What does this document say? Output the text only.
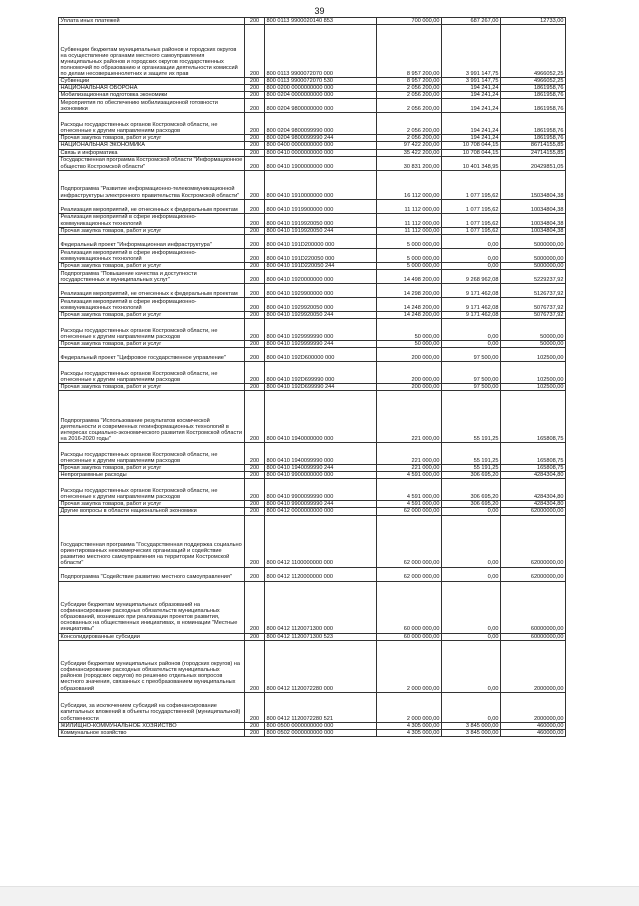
39
Уплата иных платежей	200	800 0113 9900020140 853	700 000,00	687 267,00	12733,00
Субвенции бюджетам муниципальных районов и городских округов на осуществление органами местного самоуправления муниципальных районов и городских округов государственных полномочий по образованию и организации деятельности комиссий по делам несовершеннолетних и защите их прав	200	800 0113 9900072070 000	8 957 200,00	3 991 147,75	4966052,25
Субвенции	200	800 0113 9900072070 530	8 957 200,00	3 991 147,75	4966052,25
НАЦИОНАЛЬНАЯ ОБОРОНА	200	800 0200 0000000000 000	2 056 200,00	194 241,24	1861958,76
Мобилизационная подготовка экономики	200	800 0204 0000000000 000	2 056 200,00	194 241,24	1861958,76
Мероприятия по обеспечению мобилизационной готовности экономики	200	800 0204 9800000000 000	2 056 200,00	194 241,24	1861958,76
Расходы государственных органов Костромской области, не отнесенные к другим направлениям расходов	200	800 0204 9800099990 000	2 056 200,00	194 241,24	1861958,76
Прочая закупка товаров, работ и услуг	200	800 0204 9800099990 244	2 056 200,00	194 241,24	1861958,76
НАЦИОНАЛЬНАЯ ЭКОНОМИКА	200	800 0400 0000000000 000	97 422 200,00	10 708 044,15	86714155,85
Связь и информатика	200	800 0410 0000000000 000	35 422 200,00	10 708 044,15	24714155,85
Государственная программа Костромской области "Информационное общество Костромской области"	200	800 0410 1900000000 000	30 831 200,00	10 401 348,95	20429851,05
Подпрограмма "Развитие информационно-телекоммуникационной инфраструктуры электронного правительства Костромской области"	200	800 0410 1910000000 000	16 112 000,00	1 077 195,62	15034804,38
Реализация мероприятий, не отнесенных к федеральным проектам	200	800 0410 1919900000 000	11 112 000,00	1 077 195,62	10034804,38
Реализация мероприятий в сфере информационно-коммуникационных технологий	200	800 0410 1919920050 000	11 112 000,00	1 077 195,62	10034804,38
Прочая закупка товаров, работ и услуг	200	800 0410 1919920050 244	11 112 000,00	1 077 195,62	10034804,38
Федеральный проект "Информационная инфраструктура"	200	800 0410 191D200000 000	5 000 000,00	0,00	5000000,00
Реализация мероприятий в сфере информационно-коммуникационных технологий	200	800 0410 191D220050 000	5 000 000,00	0,00	5000000,00
Прочая закупка товаров, работ и услуг	200	800 0410 191D220050 244	5 000 000,00	0,00	5000000,00
Подпрограмма "Повышение качества и доступности государственных и муниципальных услуг"	200	800 0410 1920000000 000	14 498 200,00	9 268 962,08	5229237,92
Реализация мероприятий, не отнесенных к федеральным проектам	200	800 0410 1929900000 000	14 298 200,00	9 171 462,08	5126737,92
Реализация мероприятий в сфере информационно-коммуникационных технологий	200	800 0410 1929920050 000	14 248 200,00	9 171 462,08	5076737,92
Прочая закупка товаров, работ и услуг	200	800 0410 1929920050 244	14 248 200,00	9 171 462,08	5076737,92
Расходы государственных органов Костромской области, не отнесенные к другим направлениям расходов	200	800 0410 1929999990 000	50 000,00	0,00	50000,00
Прочая закупка товаров, работ и услуг	200	800 0410 1929999990 244	50 000,00	0,00	50000,00
Федеральный проект "Цифровое государственное управление"	200	800 0410 192D600000 000	200 000,00	97 500,00	102500,00
Расходы государственных органов Костромской области, не отнесенные к другим направлениям расходов	200	800 0410 192D699990 000	200 000,00	97 500,00	102500,00
Прочая закупка товаров, работ и услуг	200	800 0410 192D699990 244	200 000,00	97 500,00	102500,00
Подпрограмма "Использование результатов космической деятельности и современных геоинформационных технологий в интересах социально-экономического развития Костромской области на 2016-2020 годы"	200	800 0410 1940000000 000	221 000,00	55 191,25	165808,75
Расходы государственных органов Костромской области, не отнесенные к другим направлениям расходов	200	800 0410 1940099990 000	221 000,00	55 191,25	165808,75
Прочая закупка товаров, работ и услуг	200	800 0410 1940099990 244	221 000,00	55 191,25	165808,75
Непрограммные расходы	200	800 0410 9900000000 000	4 591 000,00	306 695,20	4284304,80
Расходы государственных органов Костромской области, не отнесенные к другим направлениям расходов	200	800 0410 9900099990 000	4 591 000,00	306 695,20	4284304,80
Прочая закупка товаров, работ и услуг	200	800 0410 9900099990 244	4 591 000,00	306 695,20	4284304,80
Другие вопросы в области национальной экономики	200	800 0412 0000000000 000	62 000 000,00	0,00	62000000,00
Государственная программа "Государственная поддержка социально ориентированных некоммерческих организаций и содействие развитию местного самоуправления на территории Костромской области"	200	800 0412 1100000000 000	62 000 000,00	0,00	62000000,00
Подпрограмма "Содействие развитию местного самоуправления"	200	800 0412 1120000000 000	62 000 000,00	0,00	62000000,00
Субсидии бюджетам муниципальных образований на софинансирование расходных обязательств муниципальных образований, возникших при реализации проектов развития, основанных на общественных инициативах, в номинации "Местные инициативы"	200	800 0412 1120071300 000	60 000 000,00	0,00	60000000,00
Консолидированные субсидии	200	800 0412 1120071300 523	60 000 000,00	0,00	60000000,00
Субсидии бюджетам муниципальных районов (городских округов) на софинансирование расходных обязательств муниципальных районов (городских округов) по решению отдельных вопросов местного значения, связанных с преобразованием муниципальных образований	200	800 0412 1120072280 000	2 000 000,00	0,00	2000000,00
Субсидии, за исключением субсидий на софинансирование капитальных вложений в объекты государственной (муниципальной) собственности	200	800 0412 1120072280 521	2 000 000,00	0,00	2000000,00
ЖИЛИЩНО-КОММУНАЛЬНОЕ ХОЗЯЙСТВО	200	800 0500 0000000000 000	4 305 000,00	3 845 000,00	460000,00
Коммунальное хозяйство	200	800 0502 0000000000 000	4 305 000,00	3 845 000,00	460000,00
